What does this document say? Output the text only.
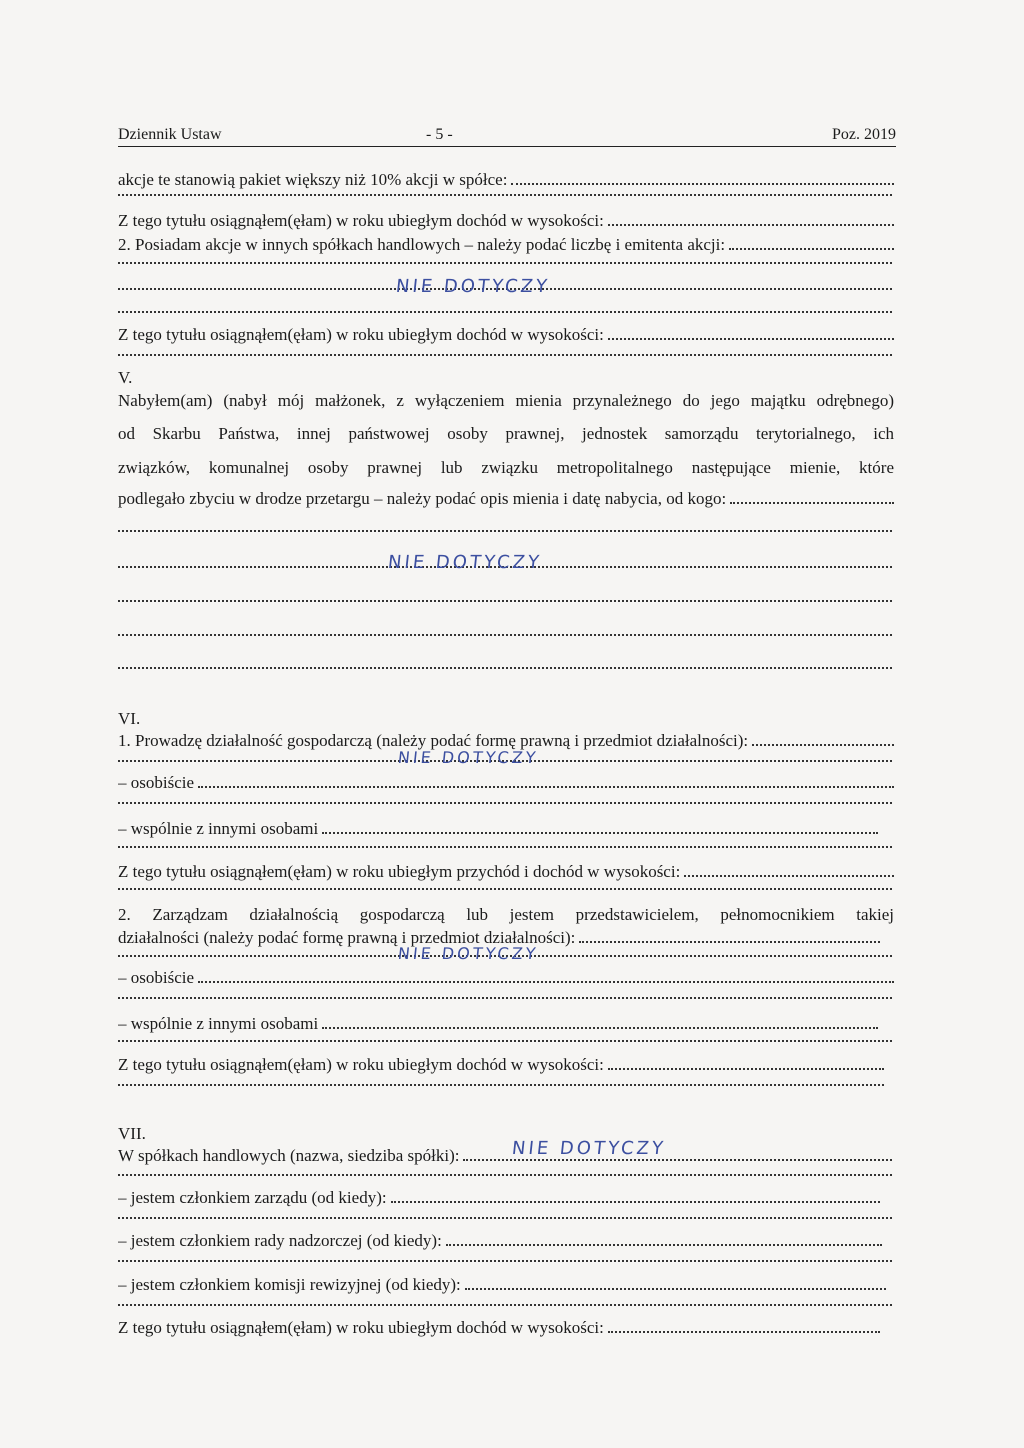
Dziennik Ustaw	- 5 -	Poz. 2019
akcje te stanowią pakiet większy niż 10% akcji w spółce:
Z tego tytułu osiągnąłem(ęłam) w roku ubiegłym dochód w wysokości:
2. Posiadam akcje w innych spółkach handlowych – należy podać liczbę i emitenta akcji:
NIE DOTYCZY
Z tego tytułu osiągnąłem(ęłam) w roku ubiegłym dochód w wysokości:
V.
Nabyłem(am) (nabył mój małżonek, z wyłączeniem mienia przynależnego do jego majątku odrębnego)
od Skarbu Państwa, innej państwowej osoby prawnej, jednostek samorządu terytorialnego, ich
związków, komunalnej osoby prawnej lub związku metropolitalnego następujące mienie, które
podlegało zbyciu w drodze przetargu – należy podać opis mienia i datę nabycia, od kogo:
NIE DOTYCZY
VI.
1. Prowadzę działalność gospodarczą (należy podać formę prawną i przedmiot działalności):
NIE DOTYCZY
– osobiście
– wspólnie z innymi osobami
Z tego tytułu osiągnąłem(ęłam) w roku ubiegłym przychód i dochód w wysokości:
2. Zarządzam działalnością gospodarczą lub jestem przedstawicielem, pełnomocnikiem takiej
działalności (należy podać formę prawną i przedmiot działalności):
NIE DOTYCZY
– osobiście
– wspólnie z innymi osobami
Z tego tytułu osiągnąłem(ęłam) w roku ubiegłym dochód w wysokości:
VII.
W spółkach handlowych (nazwa, siedziba spółki):	NIE DOTYCZY
– jestem członkiem zarządu (od kiedy):
– jestem członkiem rady nadzorczej (od kiedy):
– jestem członkiem komisji rewizyjnej (od kiedy):
Z tego tytułu osiągnąłem(ęłam) w roku ubiegłym dochód w wysokości:
